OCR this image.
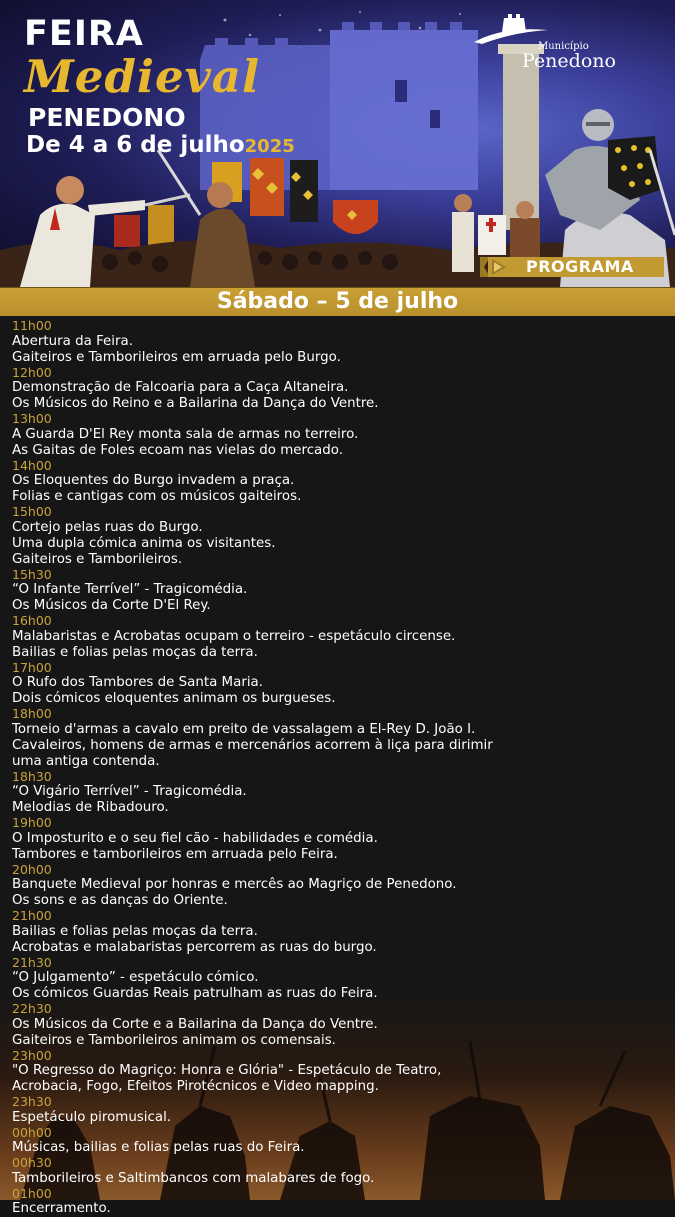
FEIRA
Medieval
PENEDONO
De 4 a 6 de julho2025
Município
Penedono
PROGRAMA
Sábado – 5 de julho
11h00
Abertura da Feira.
Gaiteiros e Tamborileiros em arruada pelo Burgo.
12h00
Demonstração de Falcoaria para a Caça Altaneira.
Os Músicos do Reino e a Bailarina da Dança do Ventre.
13h00
A Guarda D'El Rey monta sala de armas no terreiro.
As Gaitas de Foles ecoam nas vielas do mercado.
14h00
Os Eloquentes do Burgo invadem a praça.
Folias e cantigas com os músicos gaiteiros.
15h00
Cortejo pelas ruas do Burgo.
Uma dupla cómica anima os visitantes.
Gaiteiros e Tamborileiros.
15h30
“O Infante Terrível” - Tragicomédia.
Os Músicos da Corte D'El Rey.
16h00
Malabaristas e Acrobatas ocupam o terreiro - espetáculo circense.
Bailias e folias pelas moças da terra.
17h00
O Rufo dos Tambores de Santa Maria.
Dois cómicos eloquentes animam os burgueses.
18h00
Torneio d'armas a cavalo em preito de vassalagem a El-Rey D. João I.
Cavaleiros, homens de armas e mercenários acorrem à liça para dirimir
uma antiga contenda.
18h30
“O Vigário Terrível” - Tragicomédia.
Melodias de Ribadouro.
19h00
O Imposturito e o seu fiel cão - habilidades e comédia.
Tambores e tamborileiros em arruada pelo Feira.
20h00
Banquete Medieval por honras e mercês ao Magriço de Penedono.
Os sons e as danças do Oriente.
21h00
Bailias e folias pelas moças da terra.
Acrobatas e malabaristas percorrem as ruas do burgo.
21h30
“O Julgamento” - espetáculo cómico.
Os cómicos Guardas Reais patrulham as ruas do Feira.
22h30
Os Músicos da Corte e a Bailarina da Dança do Ventre.
Gaiteiros e Tamborileiros animam os comensais.
23h00
"O Regresso do Magriço: Honra e Glória" - Espetáculo de Teatro,
Acrobacia, Fogo, Efeitos Pirotécnicos e Video mapping.
23h30
Espetáculo piromusical.
00h00
Músicas, bailias e folias pelas ruas do Feira.
00h30
Tamborileiros e Saltimbancos com malabares de fogo.
01h00
Encerramento.
